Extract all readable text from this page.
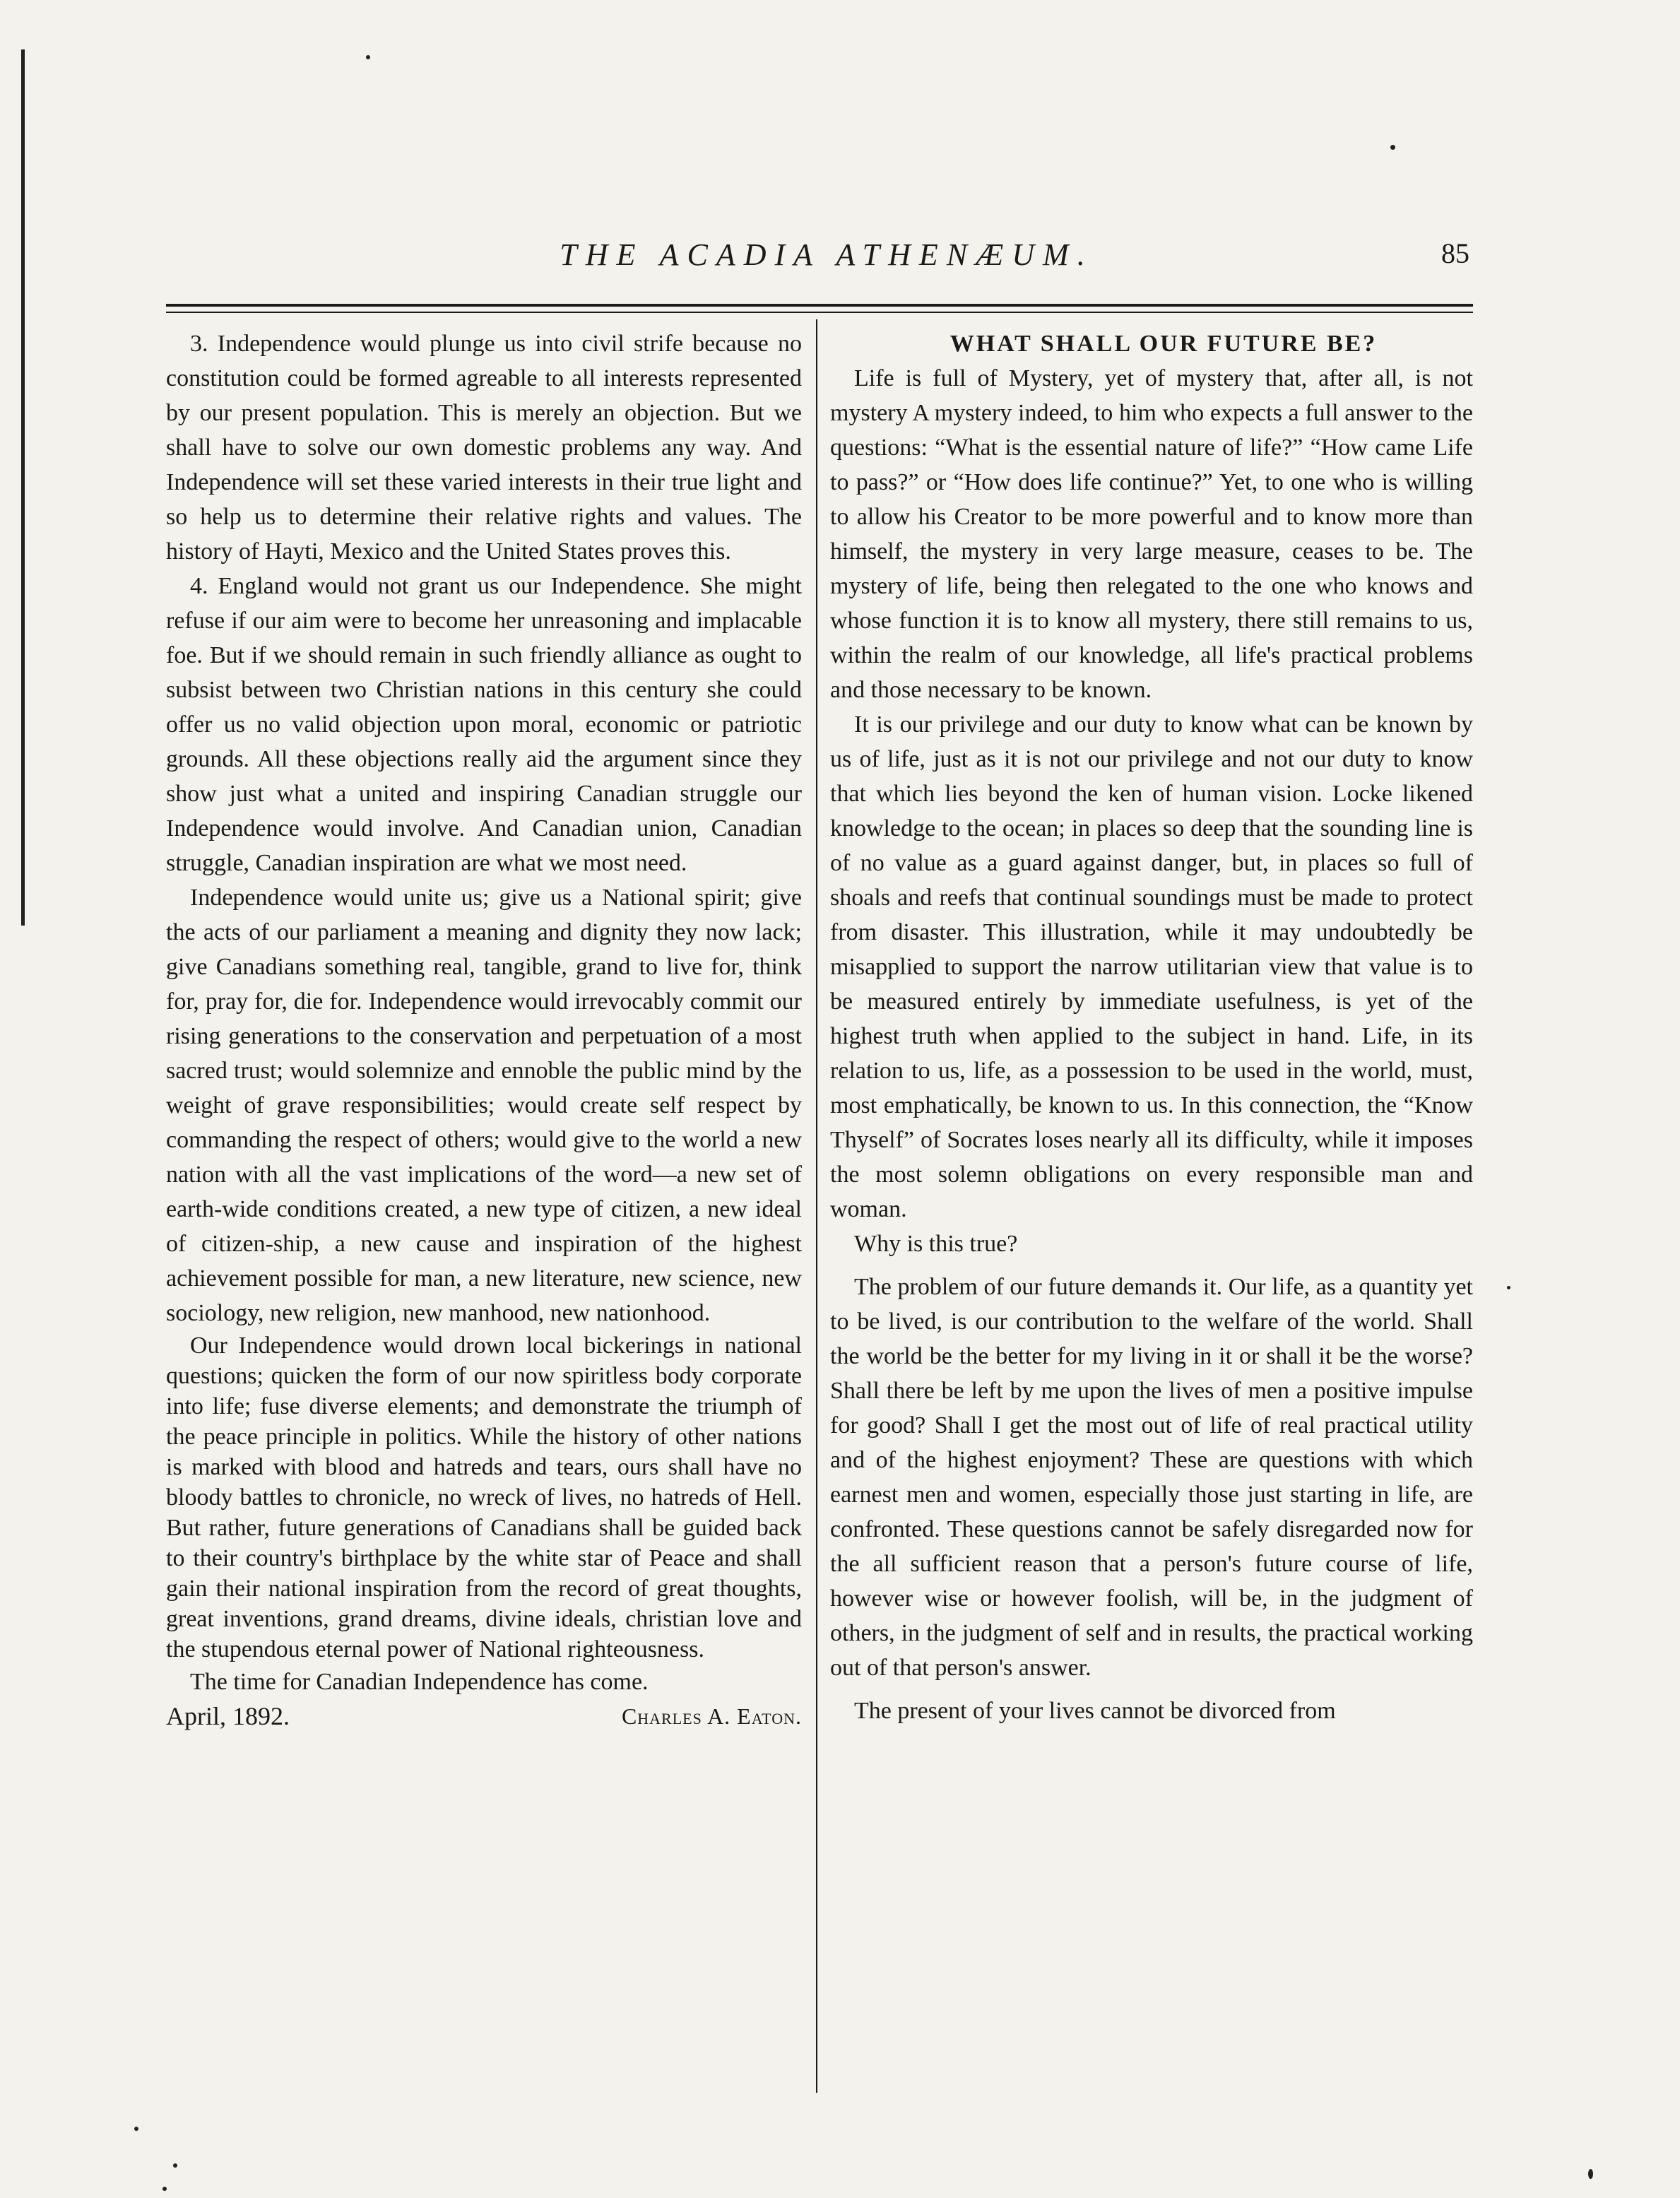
THE ACADIA ATHENÆUM.	85

3. Independence would plunge us into civil strife because no constitution could be formed agreable to all interests represented by our present population. This is merely an objection. But we shall have to solve our own domestic problems any way. And Independence will set these varied interests in their true light and so help us to determine their relative rights and values. The history of Hayti, Mexico and the United States proves this.

4. England would not grant us our Independence. She might refuse if our aim were to become her unreasoning and implacable foe. But if we should remain in such friendly alliance as ought to subsist between two Christian nations in this century she could offer us no valid objection upon moral, economic or patriotic grounds. All these objections really aid the argument since they show just what a united and inspiring Canadian struggle our Independence would involve. And Canadian union, Canadian struggle, Canadian inspiration are what we most need.

Independence would unite us; give us a National spirit; give the acts of our parliament a meaning and dignity they now lack; give Canadians something real, tangible, grand to live for, think for, pray for, die for. Independence would irrevocably commit our rising generations to the conservation and perpetuation of a most sacred trust; would solemnize and ennoble the public mind by the weight of grave responsibilities; would create self respect by commanding the respect of others; would give to the world a new nation with all the vast implications of the word—a new set of earth-wide conditions created, a new type of citizen, a new ideal of citizen-ship, a new cause and inspiration of the highest achievement possible for man, a new literature, new science, new sociology, new religion, new manhood, new nationhood.

Our Independence would drown local bickerings in national questions; quicken the form of our now spiritless body corporate into life; fuse diverse elements; and demonstrate the triumph of the peace principle in politics. While the history of other nations is marked with blood and hatreds and tears, ours shall have no bloody battles to chronicle, no wreck of lives, no hatreds of Hell. But rather, future generations of Canadians shall be guided back to their country's birthplace by the white star of Peace and shall gain their national inspiration from the record of great thoughts, great inventions, grand dreams, divine ideals, christian love and the stupendous eternal power of National righteousness.

The time for Canadian Independence has come.

April, 1892.	Charles A. Eaton.

WHAT SHALL OUR FUTURE BE?

Life is full of Mystery, yet of mystery that, after all, is not mystery A mystery indeed, to him who expects a full answer to the questions: “What is the essential nature of life?” “How came Life to pass?” or “How does life continue?” Yet, to one who is willing to allow his Creator to be more powerful and to know more than himself, the mystery in very large measure, ceases to be. The mystery of life, being then relegated to the one who knows and whose function it is to know all mystery, there still remains to us, within the realm of our knowledge, all life's practical problems and those necessary to be known.

It is our privilege and our duty to know what can be known by us of life, just as it is not our privilege and not our duty to know that which lies beyond the ken of human vision. Locke likened knowledge to the ocean; in places so deep that the sounding line is of no value as a guard against danger, but, in places so full of shoals and reefs that continual soundings must be made to protect from disaster. This illustration, while it may undoubtedly be misapplied to support the narrow utilitarian view that value is to be measured entirely by immediate usefulness, is yet of the highest truth when applied to the subject in hand. Life, in its relation to us, life, as a possession to be used in the world, must, most emphatically, be known to us. In this connection, the “Know Thyself” of Socrates loses nearly all its difficulty, while it imposes the most solemn obligations on every responsible man and woman.

Why is this true?

The problem of our future demands it. Our life, as a quantity yet to be lived, is our contribution to the welfare of the world. Shall the world be the better for my living in it or shall it be the worse? Shall there be left by me upon the lives of men a positive impulse for good? Shall I get the most out of life of real practical utility and of the highest enjoyment? These are questions with which earnest men and women, especially those just starting in life, are confronted. These questions cannot be safely disregarded now for the all sufficient reason that a person's future course of life, however wise or however foolish, will be, in the judgment of others, in the judgment of self and in results, the practical working out of that person's answer.

The present of your lives cannot be divorced from
